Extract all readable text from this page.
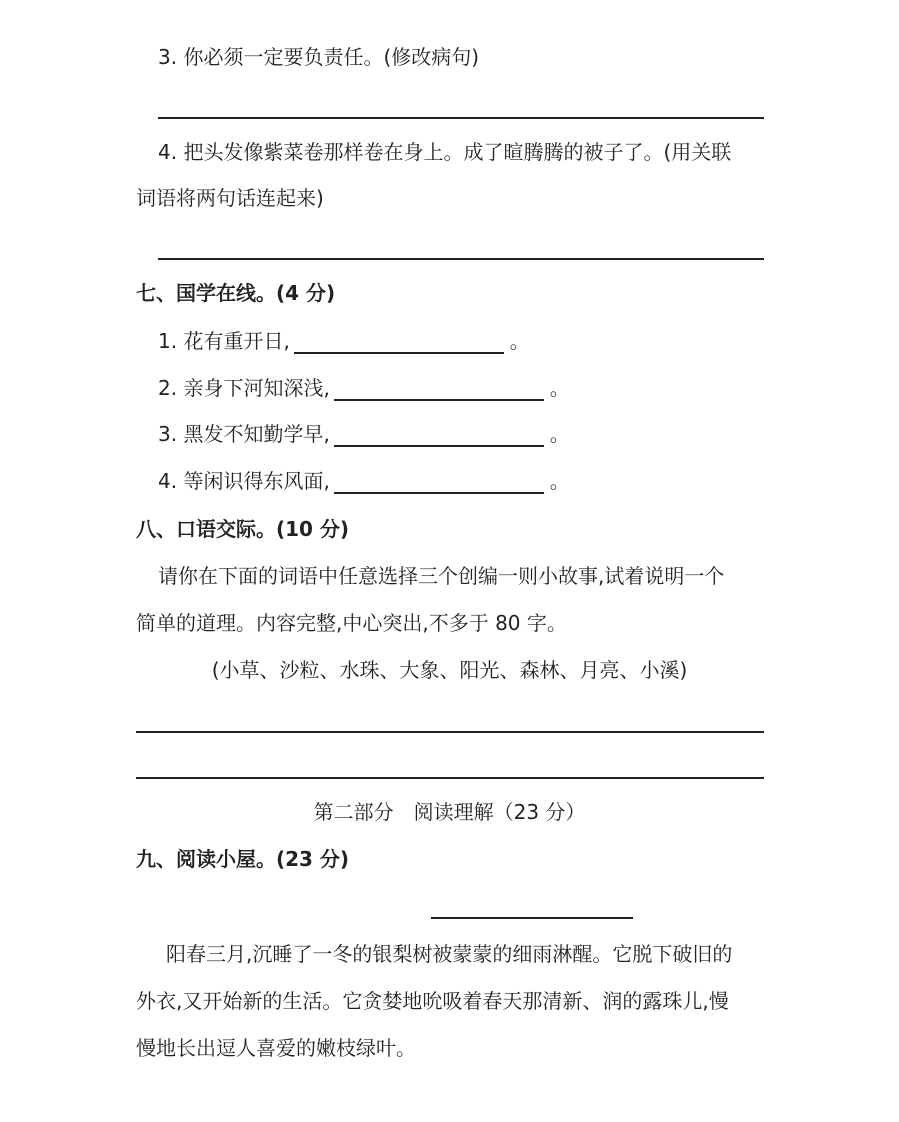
3. 你必须一定要负责任。(修改病句)
4. 把头发像紫菜卷那样卷在身上。成了暄腾腾的被子了。(用关联
词语将两句话连起来)
七、国学在线。(4 分)
1. 花有重开日,	。
2. 亲身下河知深浅,	。
3. 黑发不知勤学早,	。
4. 等闲识得东风面,	。
八、口语交际。(10 分)
请你在下面的词语中任意选择三个创编一则小故事,试着说明一个
简单的道理。内容完整,中心突出,不多于 80 字。
(小草、沙粒、水珠、大象、阳光、森林、月亮、小溪)
第二部分　阅读理解（23 分）
九、阅读小屋。(23 分)
阳春三月,沉睡了一冬的银梨树被蒙蒙的细雨淋醒。它脱下破旧的
外衣,又开始新的生活。它贪婪地吮吸着春天那清新、润的露珠儿,慢
慢地长出逗人喜爱的嫩枝绿叶。
